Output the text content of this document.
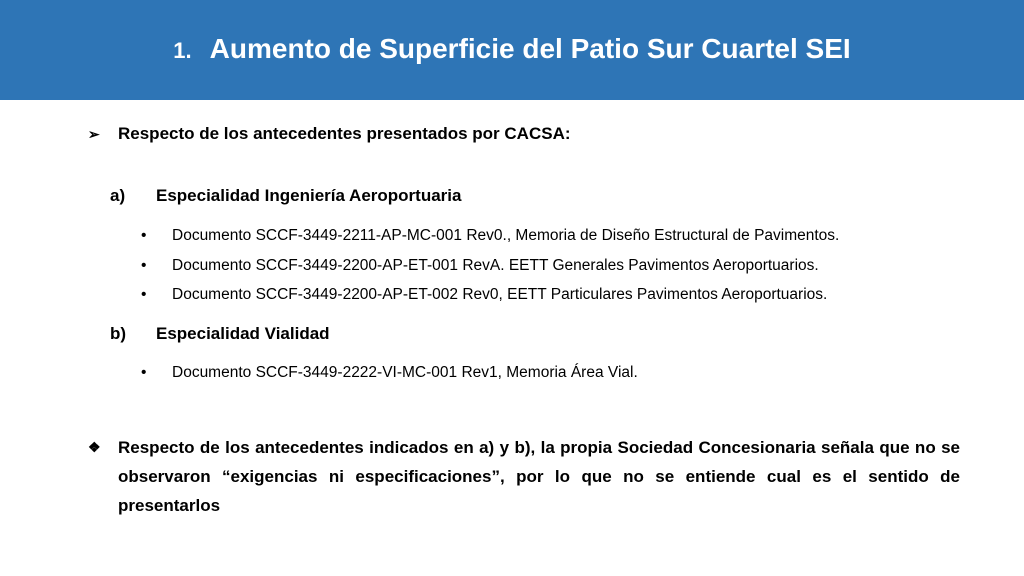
1. Aumento de Superficie del Patio Sur Cuartel SEI
➢ Respecto de los antecedentes presentados por CACSA:
a) Especialidad Ingeniería Aeroportuaria
• Documento SCCF-3449-2211-AP-MC-001 Rev0., Memoria de Diseño Estructural de Pavimentos.
• Documento SCCF-3449-2200-AP-ET-001 RevA. EETT Generales Pavimentos Aeroportuarios.
• Documento SCCF-3449-2200-AP-ET-002 Rev0, EETT Particulares Pavimentos Aeroportuarios.
b) Especialidad Vialidad
• Documento SCCF-3449-2222-VI-MC-001 Rev1, Memoria Área Vial.
❖	Respecto de los antecedentes indicados en a) y b), la propia Sociedad Concesionaria señala que no se observaron “exigencias ni especificaciones”, por lo que no se entiende cual es el sentido de presentarlos
